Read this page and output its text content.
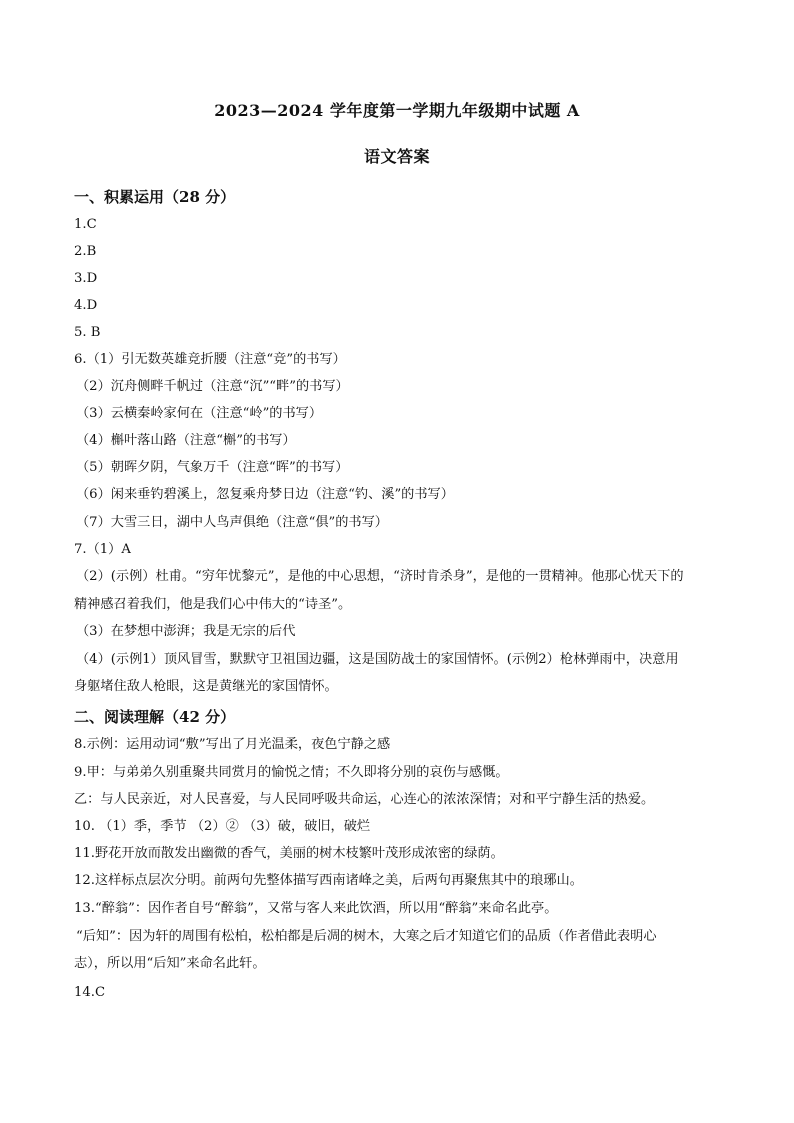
2023—2024 学年度第一学期九年级期中试题 A
语文答案
一、积累运用（28 分）
1.C
2.B
3.D
4.D
5. B
6.（1）引无数英雄竞折腰（注意“竞”的书写）
（2）沉舟侧畔千帆过（注意“沉”“畔”的书写）
（3）云横秦岭家何在（注意“岭”的书写）
（4）槲叶落山路（注意“槲”的书写）
（5）朝晖夕阴，气象万千（注意“晖”的书写）
（6）闲来垂钓碧溪上，忽复乘舟梦日边（注意“钓、溪”的书写）
（7）大雪三日，湖中人鸟声俱绝（注意“俱”的书写）
7.（1）A
（2）(示例）杜甫。“穷年忧黎元”，是他的中心思想，“济时肯杀身”，是他的一贯精神。他那心忧天下的
精神感召着我们，他是我们心中伟大的“诗圣”。
（3）在梦想中澎湃；我是无宗的后代
（4）(示例1）顶风冒雪，默默守卫祖国边疆，这是国防战士的家国情怀。(示例2）枪林弹雨中，决意用
身躯堵住敌人枪眼，这是黄继光的家国情怀。
二、阅读理解（42 分）
8.示例：运用动词“敷”写出了月光温柔，夜色宁静之感
9.甲：与弟弟久别重聚共同赏月的愉悦之情；不久即将分别的哀伤与感慨。
乙：与人民亲近，对人民喜爱，与人民同呼吸共命运，心连心的浓浓深情；对和平宁静生活的热爱。
10. （1）季，季节 （2）② （3）破，破旧，破烂
11.野花开放而散发出幽微的香气，美丽的树木枝繁叶茂形成浓密的绿荫。
12.这样标点层次分明。前两句先整体描写西南诸峰之美，后两句再聚焦其中的琅琊山。
13.“醉翁”：因作者自号“醉翁”，又常与客人来此饮酒，所以用“醉翁”来命名此亭。
“后知”：因为轩的周围有松柏，松柏都是后凋的树木，大寒之后才知道它们的品质（作者借此表明心
志），所以用“后知”来命名此轩。
14.C
